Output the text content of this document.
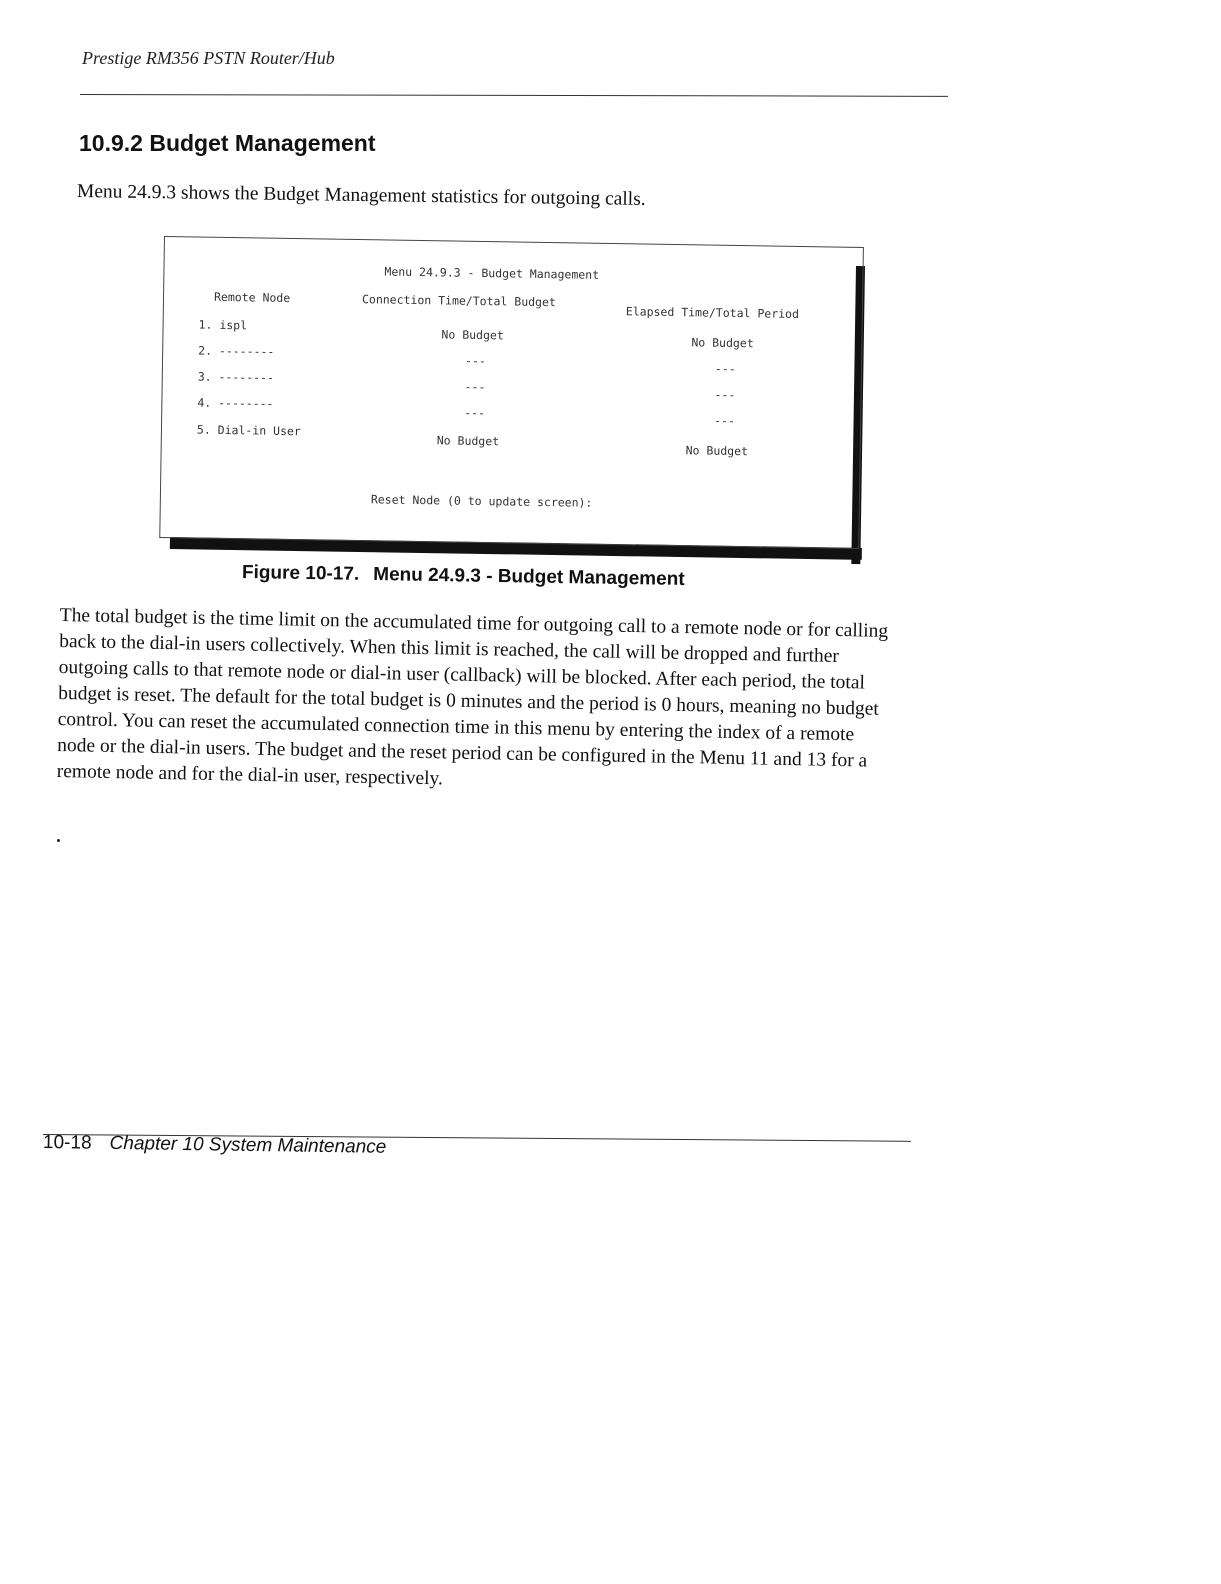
Prestige RM356 PSTN Router/Hub
10.9.2 Budget Management
Menu 24.9.3 shows the Budget Management statistics for outgoing calls.
Menu 24.9.3 - Budget Management
Remote Node	Connection Time/Total Budget
Elapsed Time/Total Period
1. ispl
No Budget
No Budget
2. --------
---
---
3. --------
---
---
4. --------
---
---
5. Dial-in User
No Budget
No Budget
Reset Node (0 to update screen):
Figure 10-17. Menu 24.9.3 - Budget Management
The total budget is the time limit on the accumulated time for outgoing call to a remote node or for calling back to the dial-in users collectively. When this limit is reached, the call will be dropped and further outgoing calls to that remote node or dial-in user (callback) will be blocked. After each period, the total budget is reset. The default for the total budget is 0 minutes and the period is 0 hours, meaning no budget control. You can reset the accumulated connection time in this menu by entering the index of a remote node or the dial-in users. The budget and the reset period can be configured in the Menu 11 and 13 for a remote node and for the dial-in user, respectively.
10-18 Chapter 10 System Maintenance
